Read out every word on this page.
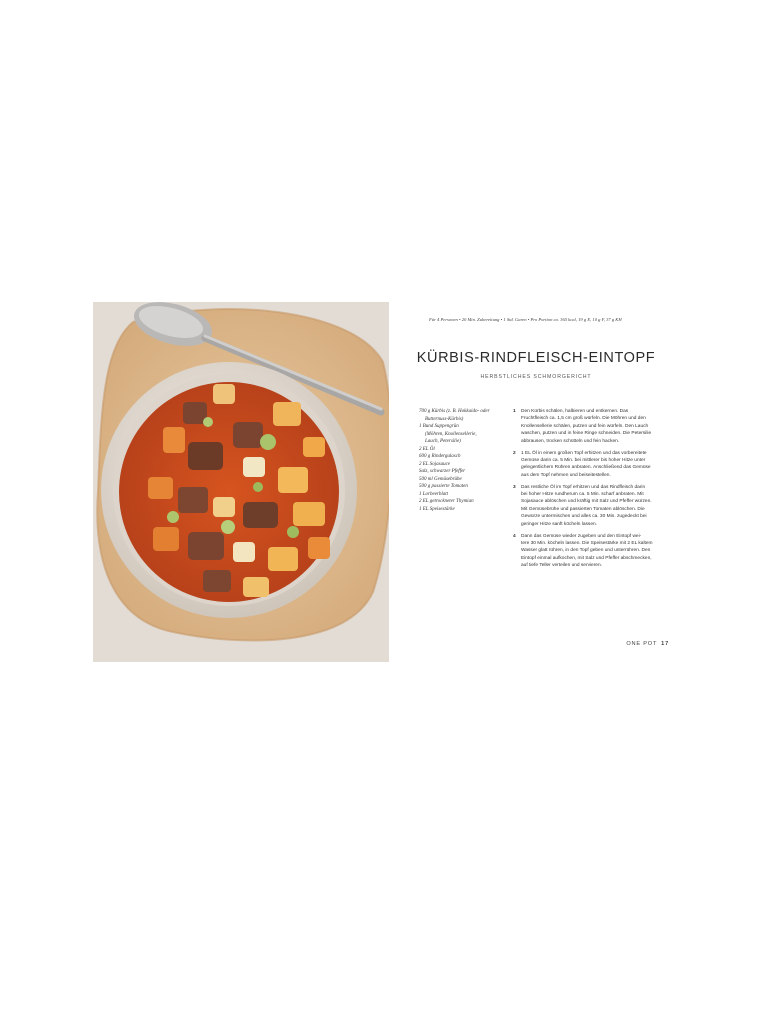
Für 4 Personen • 20 Min. Zubereitung • 1 Std. Garen • Pro Portion ca. 365 kcal, 19 g E, 10 g F, 37 g KH
KÜRBIS-RINDFLEISCH-EINTOPF
HERBSTLICHES SCHMORGERICHT
700 g Kürbis (z. B. Hokkaido- oder
Butternuss-Kürbis)
1 Bund Suppengrün
(Möhren, Knollensellerie,
Lauch, Petersilie)
2 EL Öl
600 g Rindergulasch
2 EL Sojasauce
Salz, schwarzer Pfeffer
500 ml Gemüsebrühe
500 g passierte Tomaten
1 Lorbeerblatt
2 EL getrockneter Thymian
1 EL Speisestärke
1 Den Kürbis schälen, halbieren und entkernen. Das
Fruchtfleisch ca. 1,5 cm groß würfeln. Die Möhren und den
Knollensellerie schälen, putzen und fein würfeln. Den Lauch
waschen, putzen und in feine Ringe schneiden. Die Petersilie
abbrausen, trocken schütteln und fein hacken.
2 1 EL Öl in einem großen Topf erhitzen und das vorbereitete
Gemüse darin ca. 5 Min. bei mittlerer bis hoher Hitze unter
gelegentlichem Rühren anbraten. Anschließend das Gemüse
aus dem Topf nehmen und beiseitestellen.
3 Das restliche Öl im Topf erhitzen und das Rindfleisch darin
bei hoher Hitze rundherum ca. 5 Min. scharf anbraten. Mit
Sojasauce ablöschen und kräftig mit Salz und Pfeffer würzen.
Mit Gemüsebrühe und passierten Tomaten ablöschen. Die
Gewürze untermischen und alles ca. 30 Min. zugedeckt bei
geringer Hitze sanft köcheln lassen.
4 Dann das Gemüse wieder zugeben und den Eintopf wei-
tere 30 Min. köcheln lassen. Die Speisestärke mit 2 EL kaltem
Wasser glatt rühren, in den Topf geben und unterrühren. Den
Eintopf einmal aufkochen, mit Salz und Pfeffer abschmecken,
auf tiefe Teller verteilen und servieren.
ONE POT 17
